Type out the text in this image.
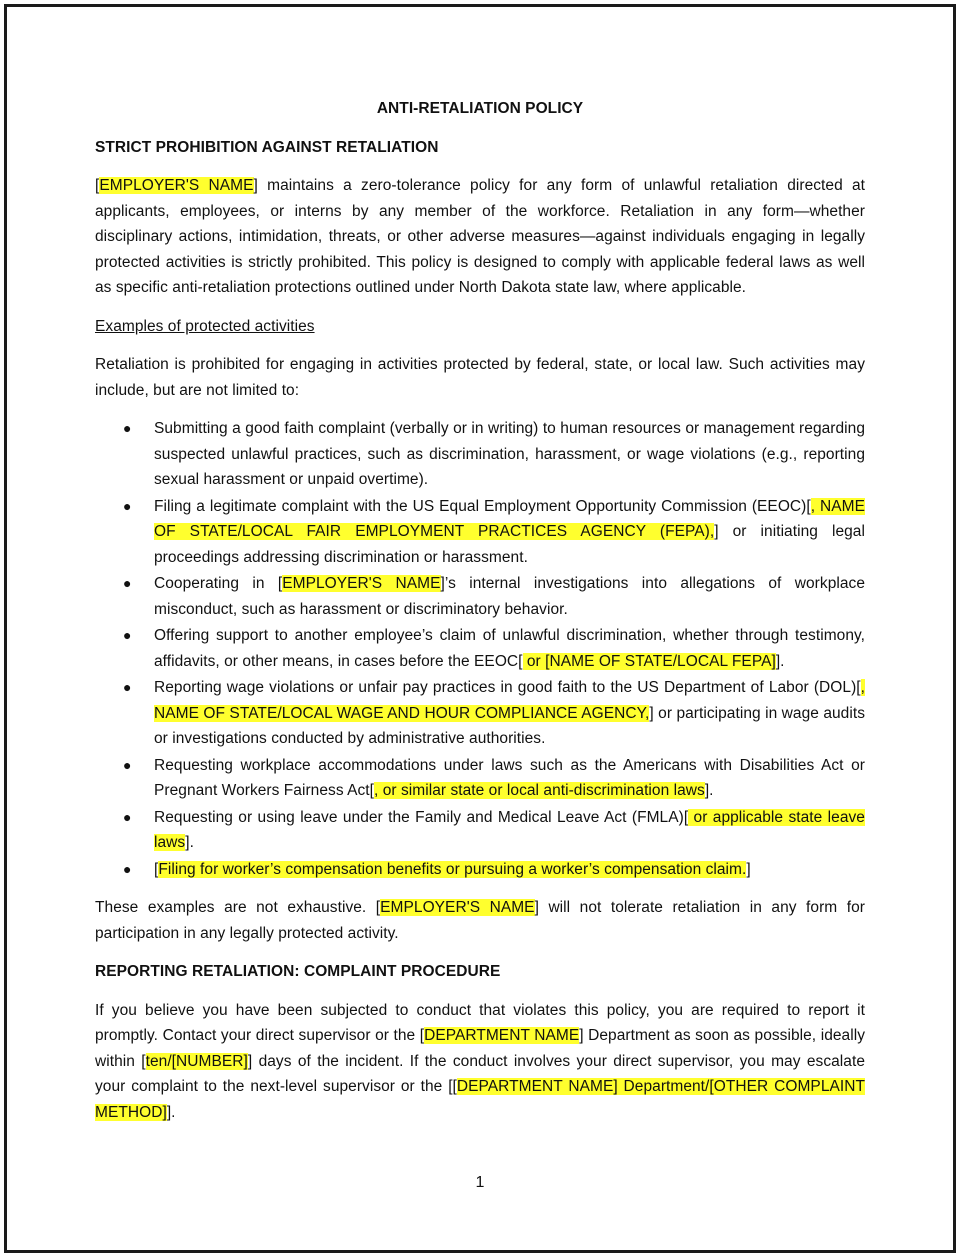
ANTI-RETALIATION POLICY
STRICT PROHIBITION AGAINST RETALIATION

[EMPLOYER'S NAME] maintains a zero-tolerance policy for any form of unlawful retaliation directed at applicants, employees, or interns by any member of the workforce. Retaliation in any form—whether disciplinary actions, intimidation, threats, or other adverse measures—against individuals engaging in legally protected activities is strictly prohibited. This policy is designed to comply with applicable federal laws as well as specific anti-retaliation protections outlined under North Dakota state law, where applicable.

Examples of protected activities

Retaliation is prohibited for engaging in activities protected by federal, state, or local law. Such activities may include, but are not limited to:

● Submitting a good faith complaint (verbally or in writing) to human resources or management regarding suspected unlawful practices, such as discrimination, harassment, or wage violations (e.g., reporting sexual harassment or unpaid overtime).
● Filing a legitimate complaint with the US Equal Employment Opportunity Commission (EEOC)[, NAME OF STATE/LOCAL FAIR EMPLOYMENT PRACTICES AGENCY (FEPA),] or initiating legal proceedings addressing discrimination or harassment.
● Cooperating in [EMPLOYER'S NAME]’s internal investigations into allegations of workplace misconduct, such as harassment or discriminatory behavior.
● Offering support to another employee’s claim of unlawful discrimination, whether through testimony, affidavits, or other means, in cases before the EEOC[ or [NAME OF STATE/LOCAL FEPA]].
● Reporting wage violations or unfair pay practices in good faith to the US Department of Labor (DOL)[, NAME OF STATE/LOCAL WAGE AND HOUR COMPLIANCE AGENCY,] or participating in wage audits or investigations conducted by administrative authorities.
● Requesting workplace accommodations under laws such as the Americans with Disabilities Act or Pregnant Workers Fairness Act[, or similar state or local anti-discrimination laws].
● Requesting or using leave under the Family and Medical Leave Act (FMLA)[ or applicable state leave laws].
● [Filing for worker’s compensation benefits or pursuing a worker’s compensation claim.]

These examples are not exhaustive. [EMPLOYER'S NAME] will not tolerate retaliation in any form for participation in any legally protected activity.

REPORTING RETALIATION: COMPLAINT PROCEDURE

If you believe you have been subjected to conduct that violates this policy, you are required to report it promptly. Contact your direct supervisor or the [DEPARTMENT NAME] Department as soon as possible, ideally within [ten/[NUMBER]] days of the incident. If the conduct involves your direct supervisor, you may escalate your complaint to the next-level supervisor or the [[DEPARTMENT NAME] Department/[OTHER COMPLAINT METHOD]].

1
